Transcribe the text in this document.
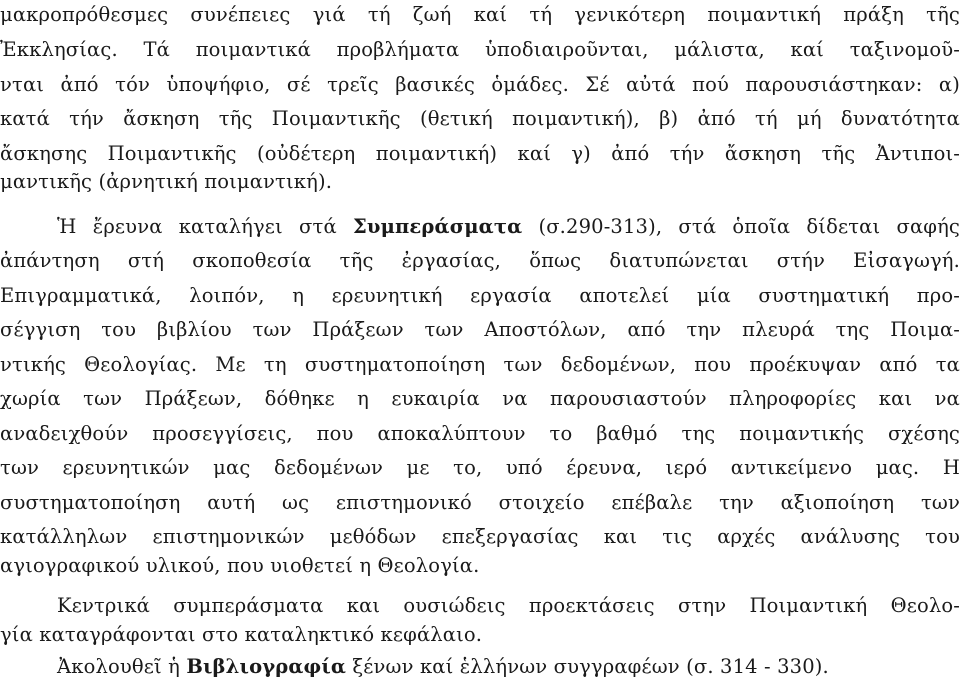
μακροπρόθεσμες συνέπειες γιά τή ζωή καί τή γενικότερη ποιμαντική πράξη τῆς
Ἐκκλησίας. Τά ποιμαντικά προβλήματα ὑποδιαιροῦνται, μάλιστα, καί ταξινομοῦ-
νται ἀπό τόν ὑποψήφιο, σέ τρεῖς βασικές ὁμάδες. Σέ αὐτά πού παρουσιάστηκαν: α)
κατά τήν ἄσκηση τῆς Ποιμαντικῆς (θετική ποιμαντική), β) ἀπό τή μή δυνατότητα
ἄσκησης Ποιμαντικῆς (οὐδέτερη ποιμαντική) καί γ) ἀπό τήν ἄσκηση τῆς Ἀντιποι-
μαντικῆς (ἀρνητική ποιμαντική).
Ἡ ἔρευνα καταλήγει στά Συμπεράσματα (σ.290-313), στά ὁποῖα δίδεται σαφής
ἀπάντηση στή σκοποθεσία τῆς ἐργασίας, ὅπως διατυπώνεται στήν Εἰσαγωγή.
Επιγραμματικά, λοιπόν, η ερευνητική εργασία αποτελεί μία συστηματική προ-
σέγγιση του βιβλίου των Πράξεων των Αποστόλων, από την πλευρά της Ποιμα-
ντικής Θεολογίας. Με τη συστηματοποίηση των δεδομένων, που προέκυψαν από τα
χωρία των Πράξεων, δόθηκε η ευκαιρία να παρουσιαστούν πληροφορίες και να
αναδειχθούν προσεγγίσεις, που αποκαλύπτουν το βαθμό της ποιμαντικής σχέσης
των ερευνητικών μας δεδομένων με το, υπό έρευνα, ιερό αντικείμενο μας. Η
συστηματοποίηση αυτή ως επιστημονικό στοιχείο επέβαλε την αξιοποίηση των
κατάλληλων επιστημονικών μεθόδων επεξεργασίας και τις αρχές ανάλυσης του
αγιογραφικού υλικού, που υιοθετεί η Θεολογία.
Κεντρικά συμπεράσματα και ουσιώδεις προεκτάσεις στην Ποιμαντική Θεολο-
γία καταγράφονται στο καταληκτικό κεφάλαιο.
Ἀκολουθεῖ ἡ Βιβλιογραφία ξένων καί ἑλλήνων συγγραφέων (σ. 314 - 330).
